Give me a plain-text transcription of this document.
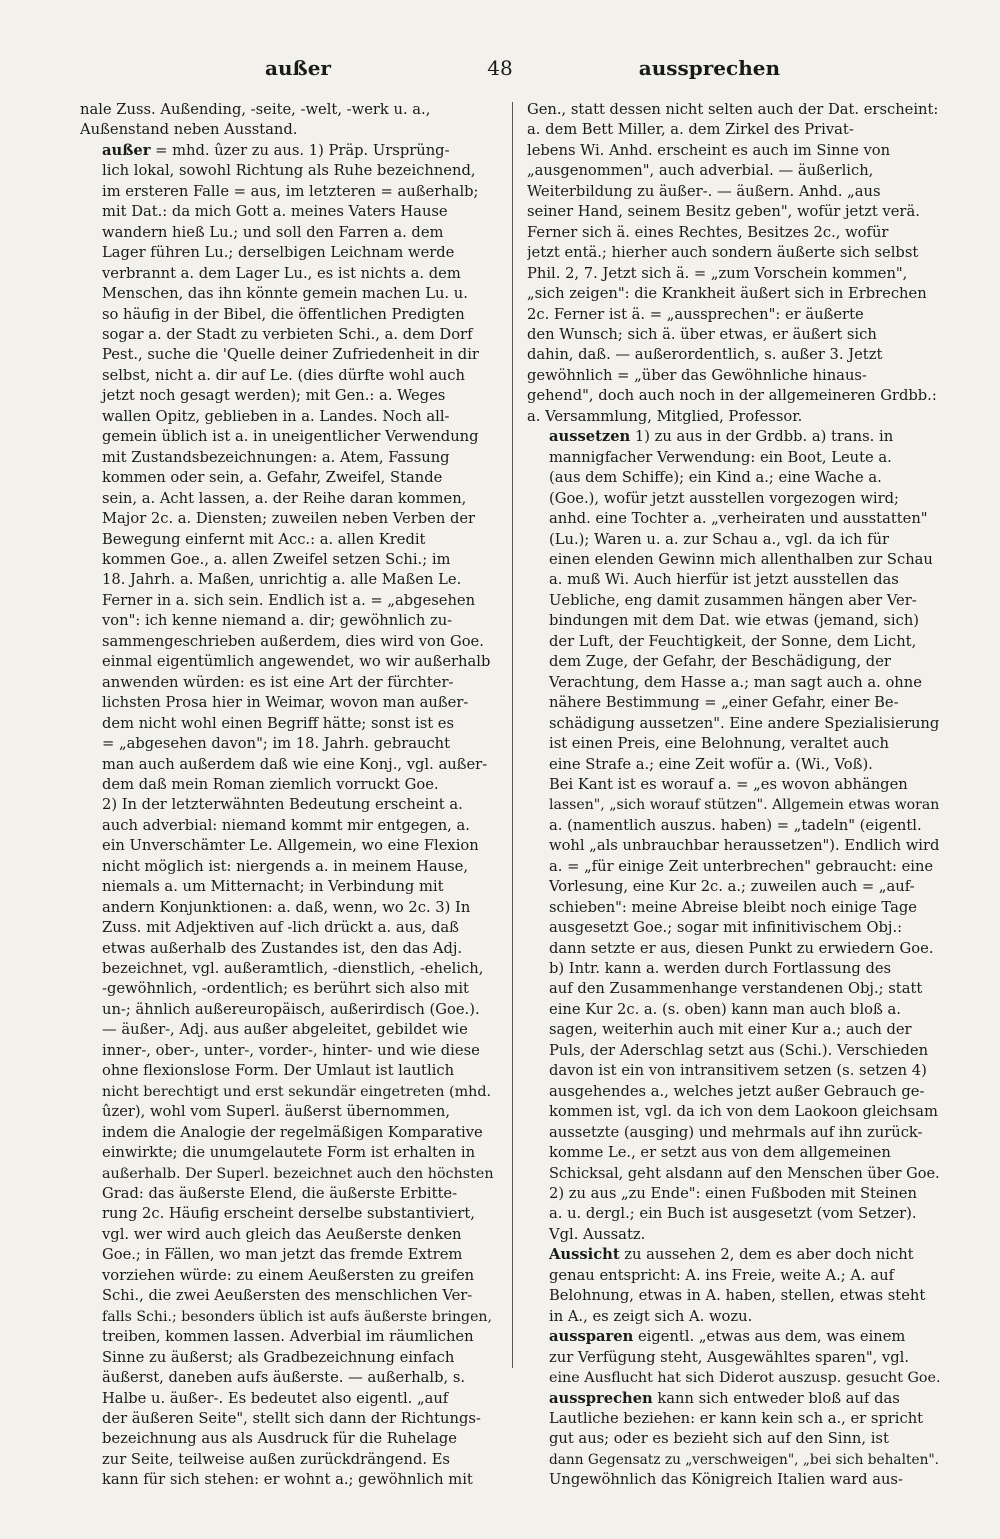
außer	48	aussprechen

nale Zuss. Außending, -seite, -welt, -werk u. a.,
Außenstand neben Ausstand.

außer = mhd. ûzer zu aus. 1) Präp. Ursprüng-
lich lokal, sowohl Richtung als Ruhe bezeichnend,
im ersteren Falle = aus, im letzteren = außerhalb;
mit Dat.: da mich Gott a. meines Vaters Hause
wandern hieß Lu.; und soll den Farren a. dem
Lager führen Lu.; derselbigen Leichnam werde
verbrannt a. dem Lager Lu., es ist nichts a. dem
Menschen, das ihn könnte gemein machen Lu. u.
so häufig in der Bibel, die öffentlichen Predigten
sogar a. der Stadt zu verbieten Schi., a. dem Dorf
Pest., suche die 'Quelle deiner Zufriedenheit in dir
selbst, nicht a. dir auf Le. (dies dürfte wohl auch
jetzt noch gesagt werden); mit Gen.: a. Weges
wallen Opitz, geblieben in a. Landes. Noch all-
gemein üblich ist a. in uneigentlicher Verwendung
mit Zustandsbezeichnungen: a. Atem, Fassung
kommen oder sein, a. Gefahr, Zweifel, Stande
sein, a. Acht lassen, a. der Reihe daran kommen,
Major 2c. a. Diensten; zuweilen neben Verben der
Bewegung einfernt mit Acc.: a. allen Kredit
kommen Goe., a. allen Zweifel setzen Schi.; im
18. Jahrh. a. Maßen, unrichtig a. alle Maßen Le.
Ferner in a. sich sein. Endlich ist a. = „abgesehen
von": ich kenne niemand a. dir; gewöhnlich zu-
sammengeschrieben außerdem, dies wird von Goe.
einmal eigentümlich angewendet, wo wir außerhalb
anwenden würden: es ist eine Art der fürchter-
lichsten Prosa hier in Weimar, wovon man außer-
dem nicht wohl einen Begriff hätte; sonst ist es
= „abgesehen davon"; im 18. Jahrh. gebraucht
man auch außerdem daß wie eine Konj., vgl. außer-
dem daß mein Roman ziemlich vorruckt Goe.
2) In der letzterwähnten Bedeutung erscheint a.
auch adverbial: niemand kommt mir entgegen, a.
ein Unverschämter Le. Allgemein, wo eine Flexion
nicht möglich ist: niergends a. in meinem Hause,
niemals a. um Mitternacht; in Verbindung mit
andern Konjunktionen: a. daß, wenn, wo 2c. 3) In
Zuss. mit Adjektiven auf -lich drückt a. aus, daß
etwas außerhalb des Zustandes ist, den das Adj.
bezeichnet, vgl. außeramtlich, -dienstlich, -ehelich,
-gewöhnlich, -ordentlich; es berührt sich also mit
un-; ähnlich außereuropäisch, außerirdisch (Goe.).
— äußer-, Adj. aus außer abgeleitet, gebildet wie
inner-, ober-, unter-, vorder-, hinter- und wie diese
ohne flexionslose Form. Der Umlaut ist lautlich
nicht berechtigt und erst sekundär eingetreten (mhd.
ûzer), wohl vom Superl. äußerst übernommen,
indem die Analogie der regelmäßigen Komparative
einwirkte; die unumgelautete Form ist erhalten in
außerhalb. Der Superl. bezeichnet auch den höchsten
Grad: das äußerste Elend, die äußerste Erbitte-
rung 2c. Häufig erscheint derselbe substantiviert,
vgl. wer wird auch gleich das Aeußerste denken
Goe.; in Fällen, wo man jetzt das fremde Extrem
vorziehen würde: zu einem Aeußersten zu greifen
Schi., die zwei Aeußersten des menschlichen Ver-
falls Schi.; besonders üblich ist aufs äußerste bringen,
treiben, kommen lassen. Adverbial im räumlichen
Sinne zu äußerst; als Gradbezeichnung einfach
äußerst, daneben aufs äußerste. — außerhalb, s.
Halbe u. äußer-. Es bedeutet also eigentl. „auf
der äußeren Seite", stellt sich dann der Richtungs-
bezeichnung aus als Ausdruck für die Ruhelage
zur Seite, teilweise außen zurückdrängend. Es
kann für sich stehen: er wohnt a.; gewöhnlich mit

Gen., statt dessen nicht selten auch der Dat. erscheint:
a. dem Bett Miller, a. dem Zirkel des Privat-
lebens Wi. Anhd. erscheint es auch im Sinne von
„ausgenommen", auch adverbial. — äußerlich,
Weiterbildung zu äußer-. — äußern. Anhd. „aus
seiner Hand, seinem Besitz geben", wofür jetzt verä.
Ferner sich ä. eines Rechtes, Besitzes 2c., wofür
jetzt entä.; hierher auch sondern äußerte sich selbst
Phil. 2, 7. Jetzt sich ä. = „zum Vorschein kommen",
„sich zeigen": die Krankheit äußert sich in Erbrechen
2c. Ferner ist ä. = „aussprechen": er äußerte
den Wunsch; sich ä. über etwas, er äußert sich
dahin, daß. — außerordentlich, s. außer 3. Jetzt
gewöhnlich = „über das Gewöhnliche hinaus-
gehend", doch auch noch in der allgemeineren Grdbb.:
a. Versammlung, Mitglied, Professor.

aussetzen 1) zu aus in der Grdbb. a) trans. in
mannigfacher Verwendung: ein Boot, Leute a.
(aus dem Schiffe); ein Kind a.; eine Wache a.
(Goe.), wofür jetzt ausstellen vorgezogen wird;
anhd. eine Tochter a. „verheiraten und ausstatten"
(Lu.); Waren u. a. zur Schau a., vgl. da ich für
einen elenden Gewinn mich allenthalben zur Schau
a. muß Wi. Auch hierfür ist jetzt ausstellen das
Uebliche, eng damit zusammen hängen aber Ver-
bindungen mit dem Dat. wie etwas (jemand, sich)
der Luft, der Feuchtigkeit, der Sonne, dem Licht,
dem Zuge, der Gefahr, der Beschädigung, der
Verachtung, dem Hasse a.; man sagt auch a. ohne
nähere Bestimmung = „einer Gefahr, einer Be-
schädigung aussetzen". Eine andere Spezialisierung
ist einen Preis, eine Belohnung, veraltet auch
eine Strafe a.; eine Zeit wofür a. (Wi., Voß).
Bei Kant ist es worauf a. = „es wovon abhängen
lassen", „sich worauf stützen". Allgemein etwas woran
a. (namentlich auszus. haben) = „tadeln" (eigentl.
wohl „als unbrauchbar heraussetzen"). Endlich wird
a. = „für einige Zeit unterbrechen" gebraucht: eine
Vorlesung, eine Kur 2c. a.; zuweilen auch = „auf-
schieben": meine Abreise bleibt noch einige Tage
ausgesetzt Goe.; sogar mit infinitivischem Obj.:
dann setzte er aus, diesen Punkt zu erwiedern Goe.
b) Intr. kann a. werden durch Fortlassung des
auf den Zusammenhange verstandenen Obj.; statt
eine Kur 2c. a. (s. oben) kann man auch bloß a.
sagen, weiterhin auch mit einer Kur a.; auch der
Puls, der Aderschlag setzt aus (Schi.). Verschieden
davon ist ein von intransitivem setzen (s. setzen 4)
ausgehendes a., welches jetzt außer Gebrauch ge-
kommen ist, vgl. da ich von dem Laokoon gleichsam
aussetzte (ausging) und mehrmals auf ihn zurück-
komme Le., er setzt aus von dem allgemeinen
Schicksal, geht alsdann auf den Menschen über Goe.
2) zu aus „zu Ende": einen Fußboden mit Steinen
a. u. dergl.; ein Buch ist ausgesetzt (vom Setzer).
Vgl. Aussatz.

Aussicht zu aussehen 2, dem es aber doch nicht
genau entspricht: A. ins Freie, weite A.; A. auf
Belohnung, etwas in A. haben, stellen, etwas steht
in A., es zeigt sich A. wozu.

aussparen eigentl. „etwas aus dem, was einem
zur Verfügung steht, Ausgewähltes sparen", vgl.
eine Ausflucht hat sich Diderot auszusp. gesucht Goe.

aussprechen kann sich entweder bloß auf das
Lautliche beziehen: er kann kein sch a., er spricht
gut aus; oder es bezieht sich auf den Sinn, ist
dann Gegensatz zu „verschweigen", „bei sich behalten".
Ungewöhnlich das Königreich Italien ward aus-
